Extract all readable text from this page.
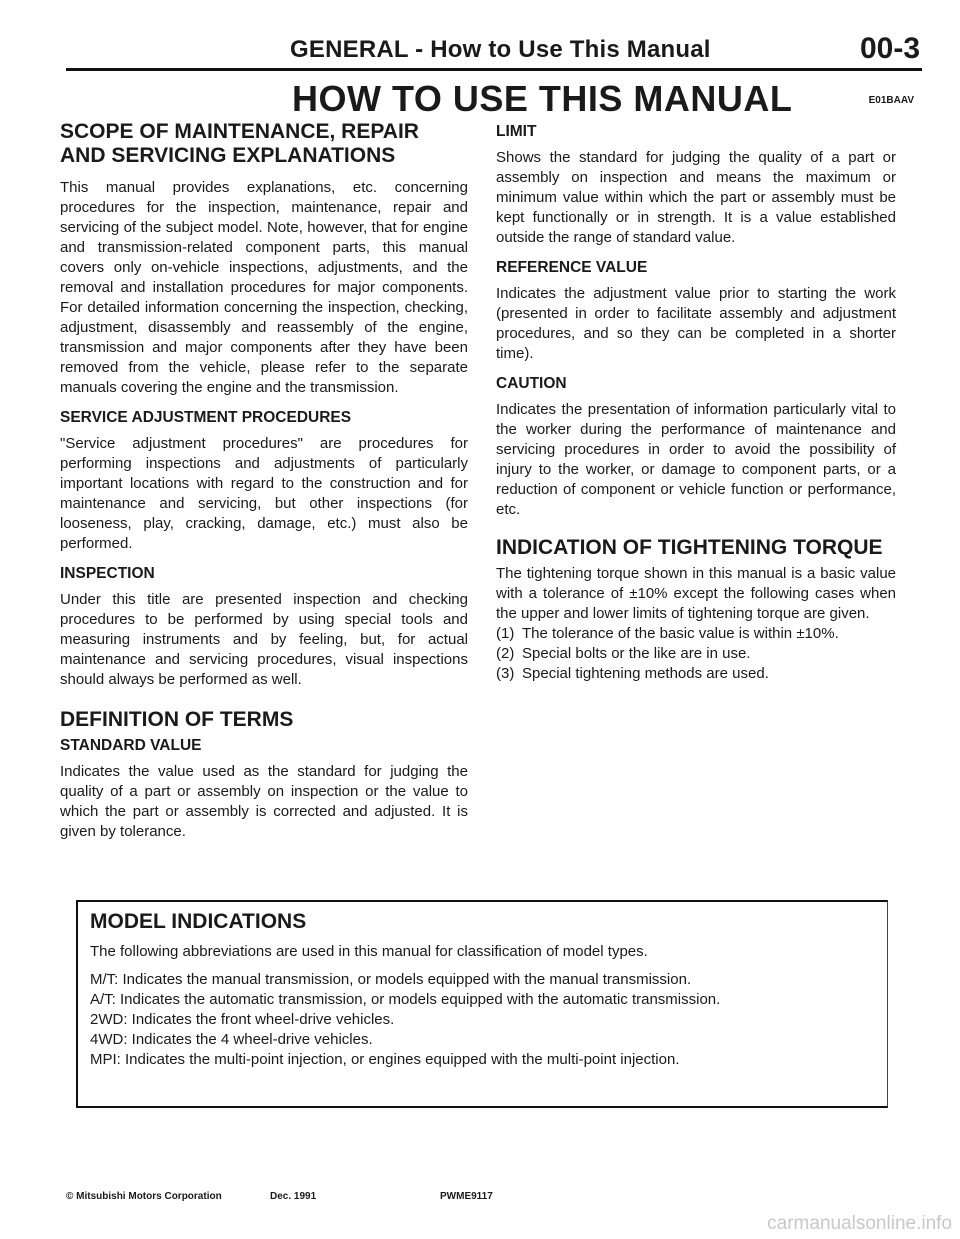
GENERAL - How to Use This Manual	00-3
HOW TO USE THIS MANUAL	E01BAAV
SCOPE OF MAINTENANCE, REPAIR AND SERVICING EXPLANATIONS

This manual provides explanations, etc. concerning procedures for the inspection, maintenance, repair and servicing of the subject model. Note, however, that for engine and transmission-related component parts, this manual covers only on-vehicle inspections, adjustments, and the removal and installation procedures for major components. For detailed information concerning the inspection, checking, adjustment, disassembly and reassembly of the engine, transmission and major components after they have been removed from the vehicle, please refer to the separate manuals covering the engine and the transmission.

SERVICE ADJUSTMENT PROCEDURES

"Service adjustment procedures" are procedures for performing inspections and adjustments of particularly important locations with regard to the construction and for maintenance and servicing, but other inspections (for looseness, play, cracking, damage, etc.) must also be performed.

INSPECTION

Under this title are presented inspection and checking procedures to be performed by using special tools and measuring instruments and by feeling, but, for actual maintenance and servicing procedures, visual inspections should always be performed as well.

DEFINITION OF TERMS
STANDARD VALUE

Indicates the value used as the standard for judging the quality of a part or assembly on inspection or the value to which the part or assembly is corrected and adjusted. It is given by tolerance.

LIMIT

Shows the standard for judging the quality of a part or assembly on inspection and means the maximum or minimum value within which the part or assembly must be kept functionally or in strength. It is a value established outside the range of standard value.

REFERENCE VALUE

Indicates the adjustment value prior to starting the work (presented in order to facilitate assembly and adjustment procedures, and so they can be completed in a shorter time).

CAUTION

Indicates the presentation of information particularly vital to the worker during the performance of maintenance and servicing procedures in order to avoid the possibility of injury to the worker, or damage to component parts, or a reduction of component or vehicle function or performance, etc.

INDICATION OF TIGHTENING TORQUE

The tightening torque shown in this manual is a basic value with a tolerance of ±10% except the following cases when the upper and lower limits of tightening torque are given.

(1) The tolerance of the basic value is within ±10%.
(2) Special bolts or the like are in use.
(3) Special tightening methods are used.
MODEL INDICATIONS

The following abbreviations are used in this manual for classification of model types.

M/T: Indicates the manual transmission, or models equipped with the manual transmission.
A/T: Indicates the automatic transmission, or models equipped with the automatic transmission.
2WD: Indicates the front wheel-drive vehicles.
4WD: Indicates the 4 wheel-drive vehicles.
MPI: Indicates the multi-point injection, or engines equipped with the multi-point injection.
© Mitsubishi Motors Corporation	Dec. 1991	PWME9117
carmanualsonline.info
